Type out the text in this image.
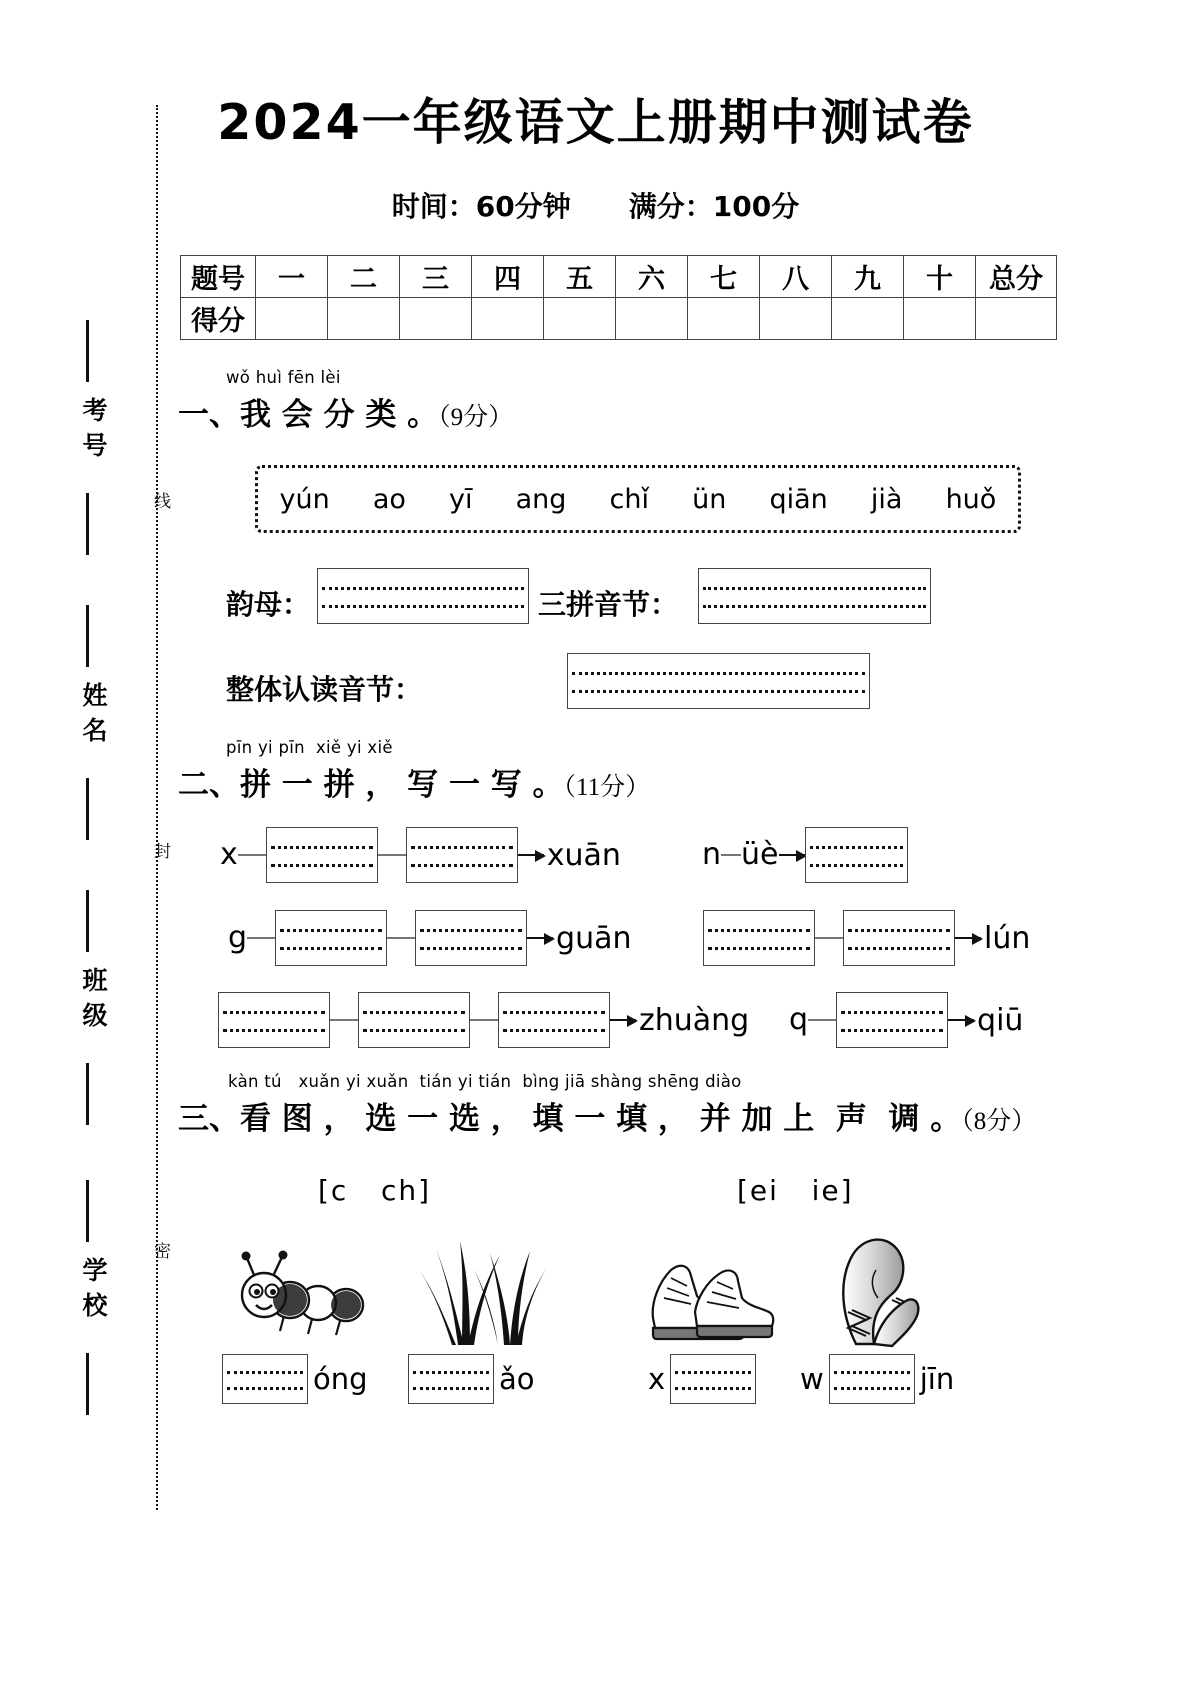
考号
姓名
班级
学校
线
封
密
2024一年级语文上册期中测试卷
时间：60分钟 满分：100分
题号	一	二	三	四	五	六	七	八	九	十	总分
得分											
wǒ huì fēn lèi
一、我 会 分 类 。（9分）
yún ao yī ang chǐ ün qiān jià huǒ
韵母：	三拼音节：
整体认读音节：
pīn yi pīn  xiě yi xiě
二、拼 一 拼 ， 写 一 写 。（11分）
x	xuān	n üè
g	guān	lún
zhuàng q	qiū
kàn tú   xuǎn yi xuǎn  tián yi tián  bìng jiā shàng shēng diào
三、看 图 ， 选 一 选 ， 填 一 填 ， 并 加 上  声  调 。（8分）
[c   ch]	[ei   ie]
óng	ǎo	x	w	jīn
